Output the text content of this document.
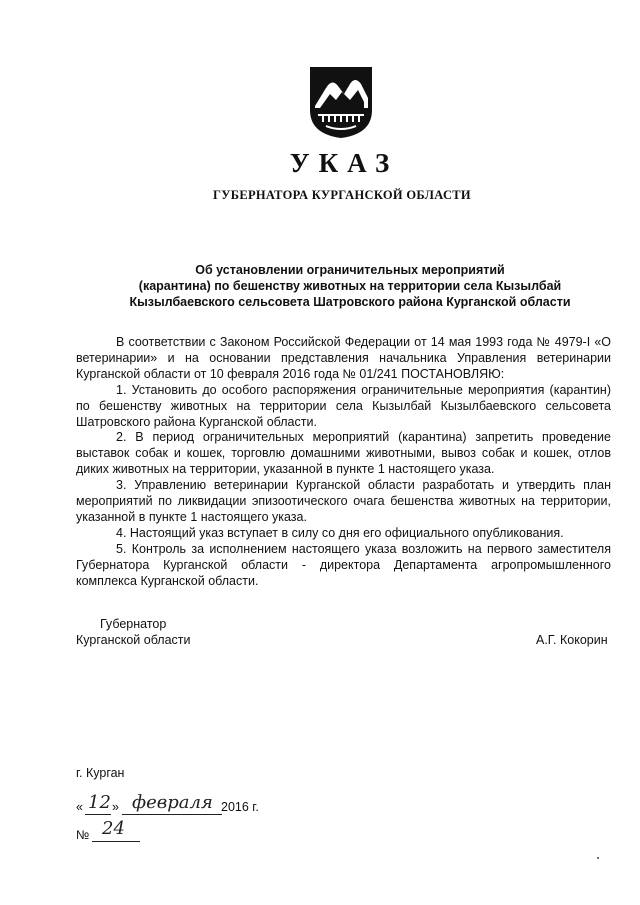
УКАЗ
ГУБЕРНАТОРА КУРГАНСКОЙ ОБЛАСТИ
Об установлении ограничительных мероприятий
(карантина) по бешенству животных на территории села Кызылбай
Кызылбаевского сельсовета Шатровского района Курганской области

В соответствии с Законом Российской Федерации от 14 мая 1993 года № 4979-I «О ветеринарии» и на основании представления начальника Управления ветеринарии Курганской области от 10 февраля 2016 года № 01/241 ПОСТАНОВЛЯЮ:

1. Установить до особого распоряжения ограничительные мероприятия (карантин) по бешенству животных на территории села Кызылбай Кызылбаевского сельсовета Шатровского района Курганской области.

2. В период ограничительных мероприятий (карантина) запретить проведение выставок собак и кошек, торговлю домашними животными, вывоз собак и кошек, отлов диких животных на территории, указанной в пункте 1 настоящего указа.

3. Управлению ветеринарии Курганской области разработать и утвердить план мероприятий по ликвидации эпизоотического очага бешенства животных на территории, указанной в пункте 1 настоящего указа.

4. Настоящий указ вступает в силу со дня его официального опубликования.

5. Контроль за исполнением настоящего указа возложить на первого заместителя Губернатора Курганской области - директора Департамента агропромышленного комплекса Курганской области.

Губернатор
Курганской области	А.Г. Кокорин
г. Курган
« 12 » февраля 2016 г.
№ 24
